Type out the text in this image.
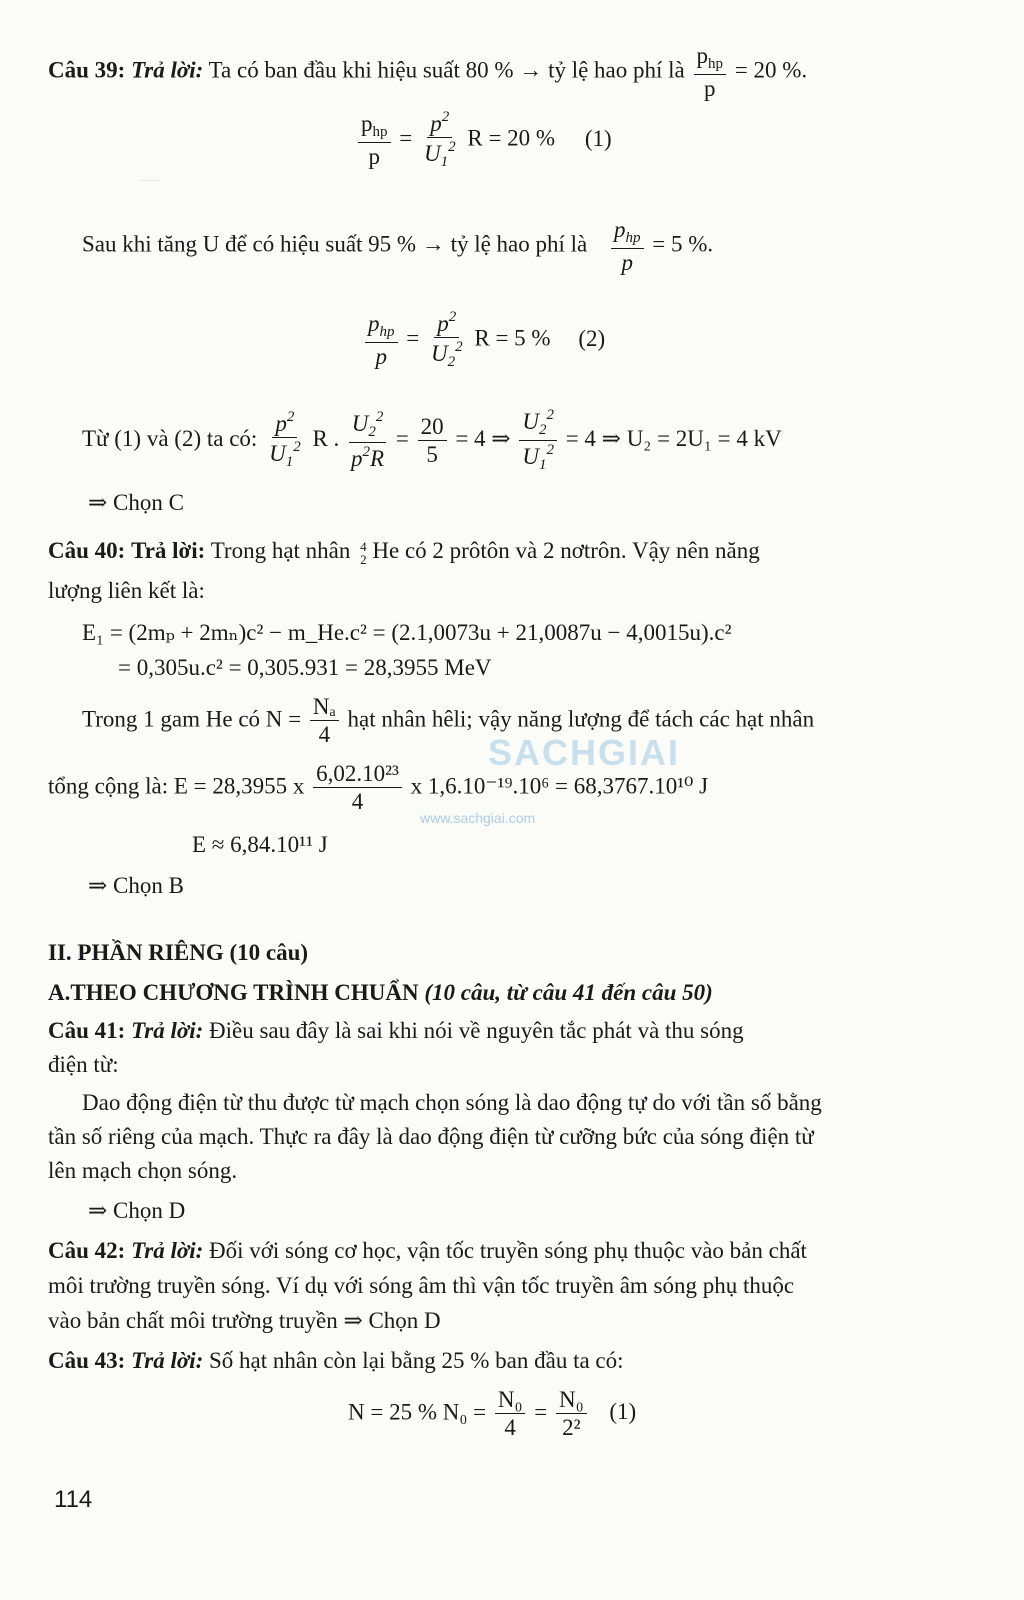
—
SACHGIAI
www.sachgiai.com
Câu 39: Trả lời: Ta có ban đầu khi hiệu suất 80 % → tỷ lệ hao phí là $\frac{p_{hp}}{p} = 20$ %.
$\frac{p_{hp}}{p} = \frac{p^2}{U_1^2}$ R = 20 % (1)
Sau khi tăng U để có hiệu suất 95 % → tỷ lệ hao phí là $\frac{p_{hp}}{p} = 5$ %.
$\frac{p_{hp}}{p} = \frac{p^2}{U_2^2}$ R = 5 % (2)
Từ (1) và (2) ta có: $\frac{p^2}{U_1^2}$ R . $\frac{U_2^2}{p^2R} = \frac{20}{5} = 4$ ⇒ $\frac{U_2^2}{U_1^2} = 4$ ⇒ U₂ = 2U₁ = 4 kV
⇒ Chọn C
Câu 40: Trả lời: Trong hạt nhân 4
2 He có 2 prôtôn và 2 nơtrôn. Vậy nên năng
lượng liên kết là:
E₁ = (2mₚ + 2mₙ)c² − m_He.c² = (2.1,0073u + 21,0087u − 4,0015u).c²
= 0,305u.c² = 0,305.931 = 28,3955 MeV
Trong 1 gam He có $N = \frac{\text{Nₐ}}{4}$ hạt nhân hêli; vậy năng lượng để tách các hạt nhân
tổng cộng là: E = 28,3955 x $\frac{\text{6,02.10²³}}{4}$ x 1,6.10⁻¹⁹.10⁶ = 68,3767.10¹⁰ J
E ≈ 6,84.10¹¹ J
⇒ Chọn B
II. PHẦN RIÊNG (10 câu)
A.THEO CHƯƠNG TRÌNH CHUẨN (10 câu, từ câu 41 đến câu 50)
Câu 41: Trả lời: Điều sau đây là sai khi nói về nguyên tắc phát và thu sóng
điện từ:
Dao động điện từ thu được từ mạch chọn sóng là dao động tự do với tần số bằng
tần số riêng của mạch. Thực ra đây là dao động điện từ cưỡng bức của sóng điện từ
lên mạch chọn sóng.
⇒ Chọn D
Câu 42: Trả lời: Đối với sóng cơ học, vận tốc truyền sóng phụ thuộc vào bản chất
môi trường truyền sóng. Ví dụ với sóng âm thì vận tốc truyền âm sóng phụ thuộc
vào bản chất môi trường truyền ⇒ Chọn D
Câu 43: Trả lời: Số hạt nhân còn lại bằng 25 % ban đầu ta có:
N = 25 % $N_0 = \frac{\text{N₀}}{4} = \frac{\text{N₀}}{\text{2²}} (1)$
114
